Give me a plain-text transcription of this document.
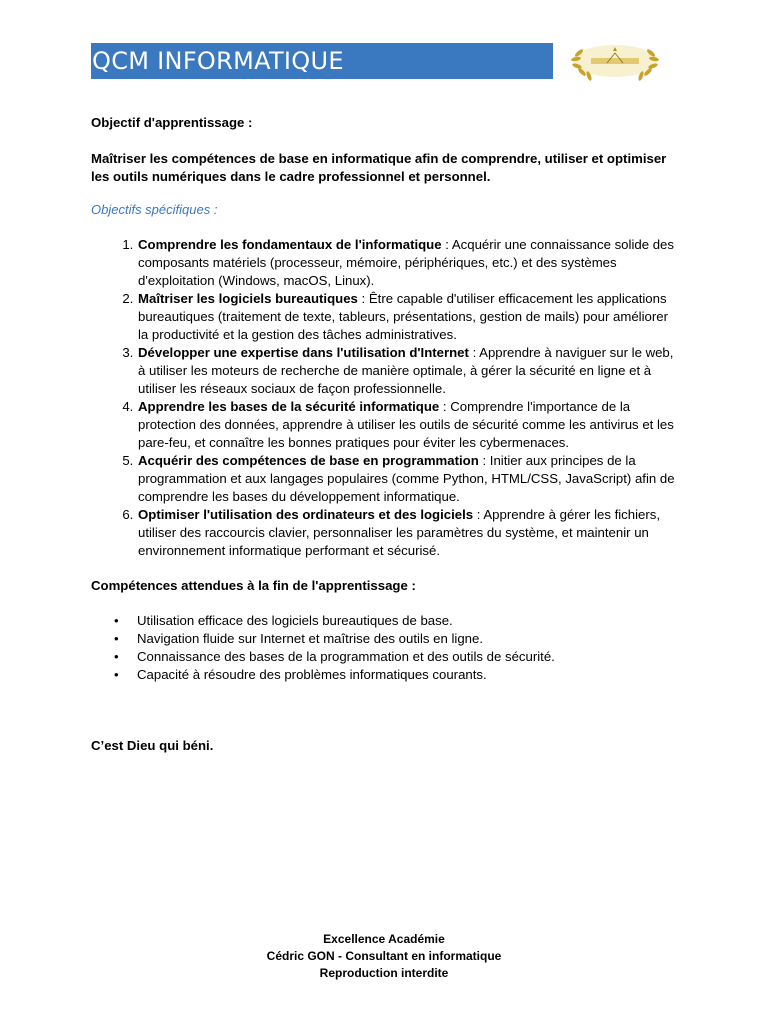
QCM INFORMATIQUE

Objectif d'apprentissage :

Maîtriser les compétences de base en informatique afin de comprendre, utiliser et optimiser les outils numériques dans le cadre professionnel et personnel.

Objectifs spécifiques :

1. Comprendre les fondamentaux de l'informatique : Acquérir une connaissance solide des composants matériels (processeur, mémoire, périphériques, etc.) et des systèmes d'exploitation (Windows, macOS, Linux).
2. Maîtriser les logiciels bureautiques : Être capable d'utiliser efficacement les applications bureautiques (traitement de texte, tableurs, présentations, gestion de mails) pour améliorer la productivité et la gestion des tâches administratives.
3. Développer une expertise dans l'utilisation d'Internet : Apprendre à naviguer sur le web, à utiliser les moteurs de recherche de manière optimale, à gérer la sécurité en ligne et à utiliser les réseaux sociaux de façon professionnelle.
4. Apprendre les bases de la sécurité informatique : Comprendre l'importance de la protection des données, apprendre à utiliser les outils de sécurité comme les antivirus et les pare-feu, et connaître les bonnes pratiques pour éviter les cybermenaces.
5. Acquérir des compétences de base en programmation : Initier aux principes de la programmation et aux langages populaires (comme Python, HTML/CSS, JavaScript) afin de comprendre les bases du développement informatique.
6. Optimiser l'utilisation des ordinateurs et des logiciels : Apprendre à gérer les fichiers, utiliser des raccourcis clavier, personnaliser les paramètres du système, et maintenir un environnement informatique performant et sécurisé.

Compétences attendues à la fin de l'apprentissage :

• Utilisation efficace des logiciels bureautiques de base.
• Navigation fluide sur Internet et maîtrise des outils en ligne.
• Connaissance des bases de la programmation et des outils de sécurité.
• Capacité à résoudre des problèmes informatiques courants.

C’est Dieu qui béni.

Excellence Académie
Cédric GON - Consultant en informatique
Reproduction interdite
